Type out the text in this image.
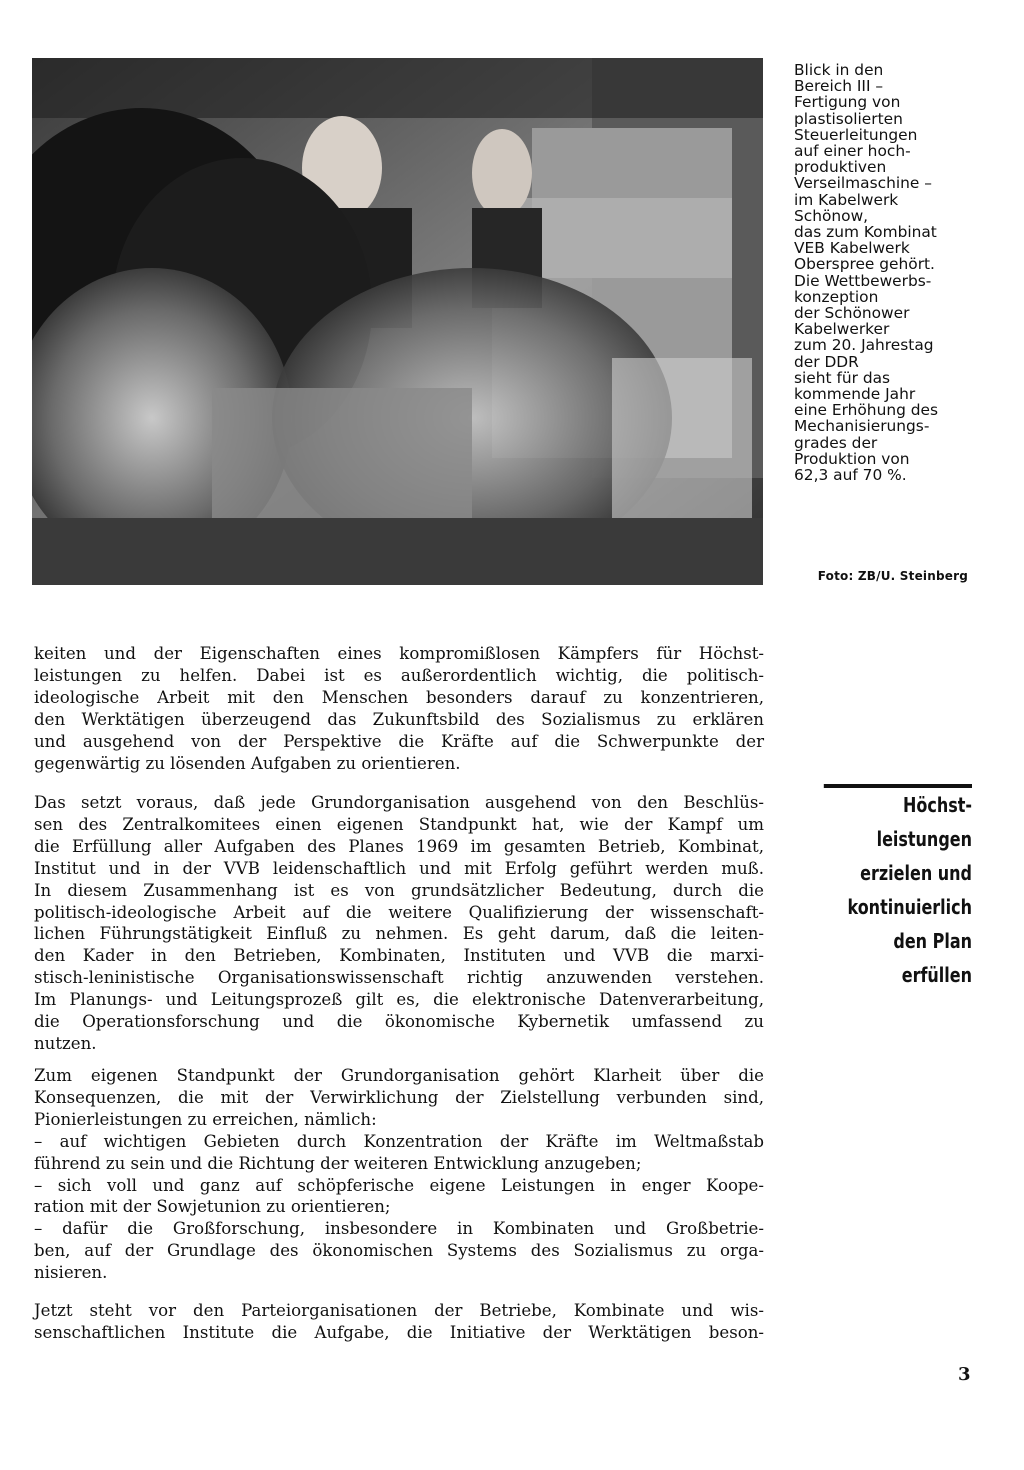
Blick in den
Bereich III –
Fertigung von
plastisolierten
Steuerleitungen
auf einer hoch-
produktiven
Verseilmaschine –
im Kabelwerk
Schönow,
das zum Kombinat
VEB Kabelwerk
Oberspree gehört.
Die Wettbewerbs-
konzeption
der Schönower
Kabelwerker
zum 20. Jahrestag
der DDR
sieht für das
kommende Jahr
eine Erhöhung des
Mechanisierungs-
grades der
Produktion von
62,3 auf 70 %.
Foto: ZB/U. Steinberg
keiten und der Eigenschaften eines kompromißlosen Kämpfers für Höchst-
leistungen zu helfen. Dabei ist es außerordentlich wichtig, die politisch-
ideologische Arbeit mit den Menschen besonders darauf zu konzentrieren,
den Werktätigen überzeugend das Zukunftsbild des Sozialismus zu erklären
und ausgehend von der Perspektive die Kräfte auf die Schwerpunkte der
gegenwärtig zu lösenden Aufgaben zu orientieren.
Höchst-
leistungen
erzielen und
kontinuierlich
den Plan
erfüllen
Das setzt voraus, daß jede Grundorganisation ausgehend von den Beschlüs-
sen des Zentralkomitees einen eigenen Standpunkt hat, wie der Kampf um
die Erfüllung aller Aufgaben des Planes 1969 im gesamten Betrieb, Kombinat,
Institut und in der VVB leidenschaftlich und mit Erfolg geführt werden muß.
In diesem Zusammenhang ist es von grundsätzlicher Bedeutung, durch die
politisch-ideologische Arbeit auf die weitere Qualifizierung der wissenschaft-
lichen Führungstätigkeit Einfluß zu nehmen. Es geht darum, daß die leiten-
den Kader in den Betrieben, Kombinaten, Instituten und VVB die marxi-
stisch-leninistische Organisationswissenschaft richtig anzuwenden verstehen.
Im Planungs- und Leitungsprozeß gilt es, die elektronische Datenverarbeitung,
die Operationsforschung und die ökonomische Kybernetik umfassend zu
nutzen.
Zum eigenen Standpunkt der Grundorganisation gehört Klarheit über die
Konsequenzen, die mit der Verwirklichung der Zielstellung verbunden sind,
Pionierleistungen zu erreichen, nämlich:
– auf wichtigen Gebieten durch Konzentration der Kräfte im Weltmaßstab
führend zu sein und die Richtung der weiteren Entwicklung anzugeben;
– sich voll und ganz auf schöpferische eigene Leistungen in enger Koope-
ration mit der Sowjetunion zu orientieren;
– dafür die Großforschung, insbesondere in Kombinaten und Großbetrie-
ben, auf der Grundlage des ökonomischen Systems des Sozialismus zu orga-
nisieren.
Jetzt steht vor den Parteiorganisationen der Betriebe, Kombinate und wis-
senschaftlichen Institute die Aufgabe, die Initiative der Werktätigen beson-
3
